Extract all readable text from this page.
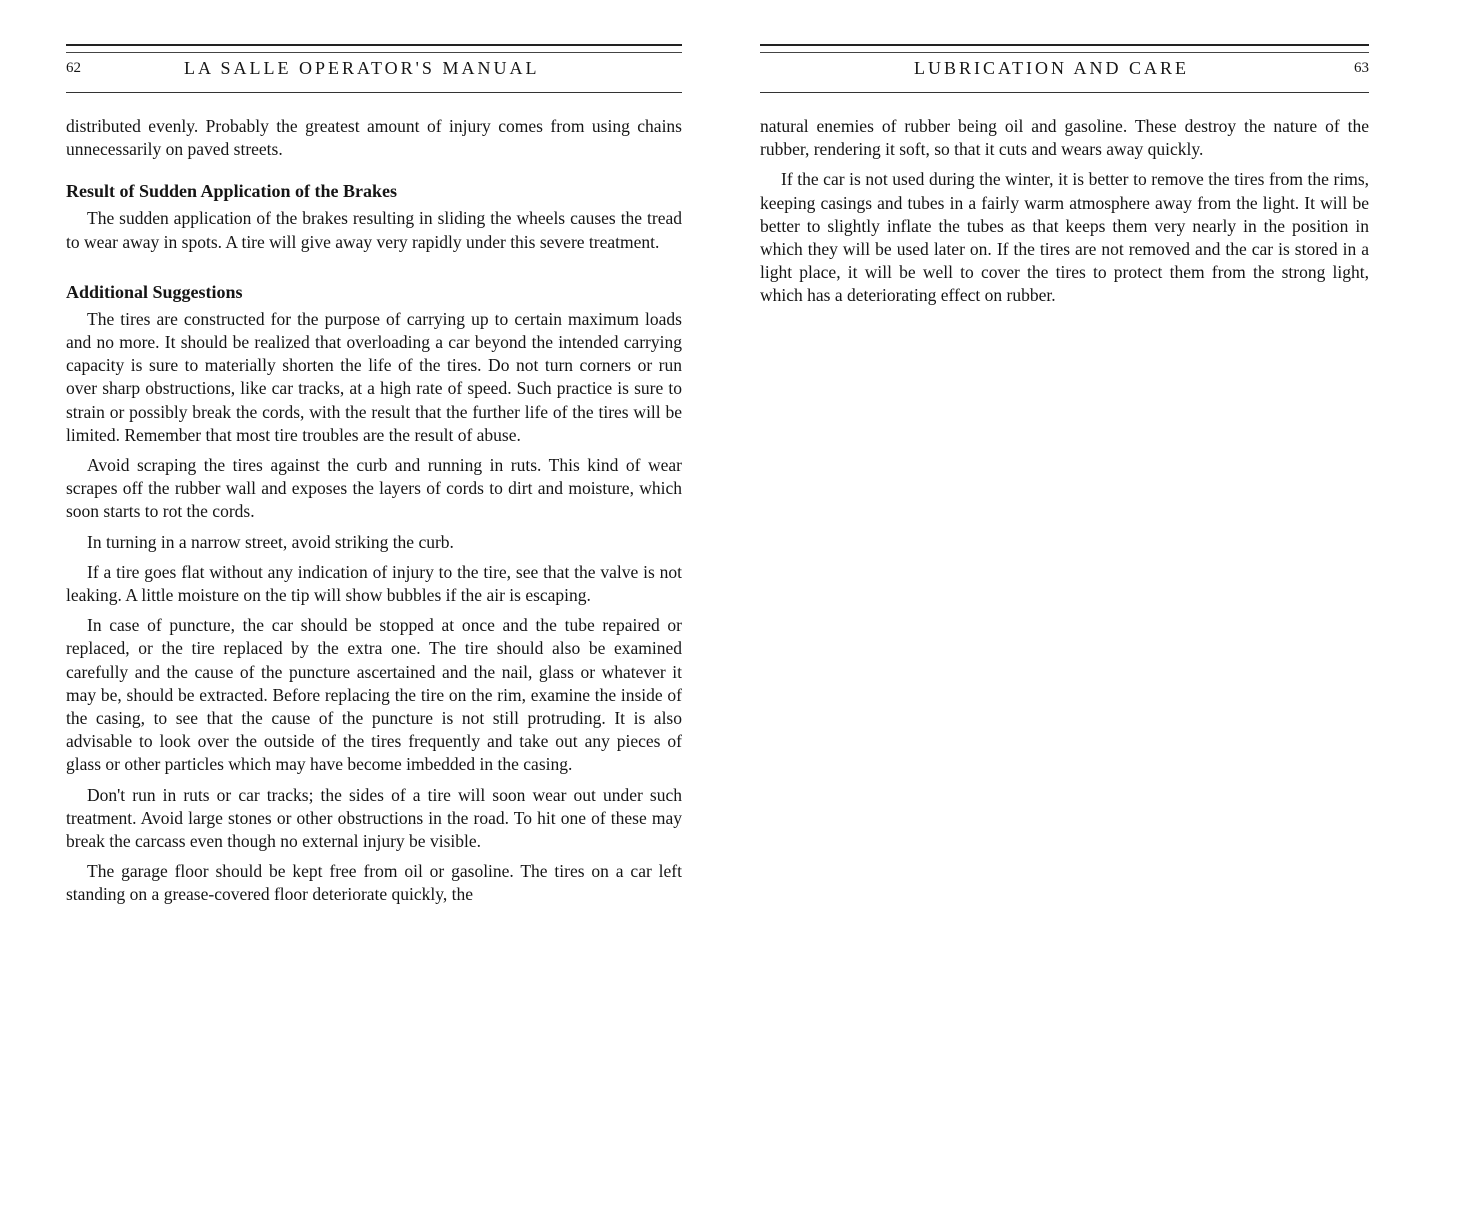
62	LA SALLE OPERATOR'S MANUAL

distributed evenly. Probably the greatest amount of injury comes from using chains unnecessarily on paved streets.

Result of Sudden Application of the Brakes

The sudden application of the brakes resulting in sliding the wheels causes the tread to wear away in spots. A tire will give away very rapidly under this severe treatment.

Additional Suggestions

The tires are constructed for the purpose of carrying up to certain maximum loads and no more. It should be realized that overloading a car beyond the intended carrying capacity is sure to materially shorten the life of the tires. Do not turn corners or run over sharp obstructions, like car tracks, at a high rate of speed. Such practice is sure to strain or possibly break the cords, with the result that the further life of the tires will be limited. Remember that most tire troubles are the result of abuse.

Avoid scraping the tires against the curb and running in ruts. This kind of wear scrapes off the rubber wall and exposes the layers of cords to dirt and moisture, which soon starts to rot the cords.

In turning in a narrow street, avoid striking the curb.

If a tire goes flat without any indication of injury to the tire, see that the valve is not leaking. A little moisture on the tip will show bubbles if the air is escaping.

In case of puncture, the car should be stopped at once and the tube repaired or replaced, or the tire replaced by the extra one. The tire should also be examined carefully and the cause of the puncture ascertained and the nail, glass or whatever it may be, should be extracted. Before replacing the tire on the rim, examine the inside of the casing, to see that the cause of the puncture is not still protruding. It is also advisable to look over the outside of the tires frequently and take out any pieces of glass or other particles which may have become imbedded in the casing.

Don't run in ruts or car tracks; the sides of a tire will soon wear out under such treatment. Avoid large stones or other obstructions in the road. To hit one of these may break the carcass even though no external injury be visible.

The garage floor should be kept free from oil or gasoline. The tires on a car left standing on a grease-covered floor deteriorate quickly, the

LUBRICATION AND CARE	63

natural enemies of rubber being oil and gasoline. These destroy the nature of the rubber, rendering it soft, so that it cuts and wears away quickly.

If the car is not used during the winter, it is better to remove the tires from the rims, keeping casings and tubes in a fairly warm atmosphere away from the light. It will be better to slightly inflate the tubes as that keeps them very nearly in the position in which they will be used later on. If the tires are not removed and the car is stored in a light place, it will be well to cover the tires to protect them from the strong light, which has a deteriorating effect on rubber.
